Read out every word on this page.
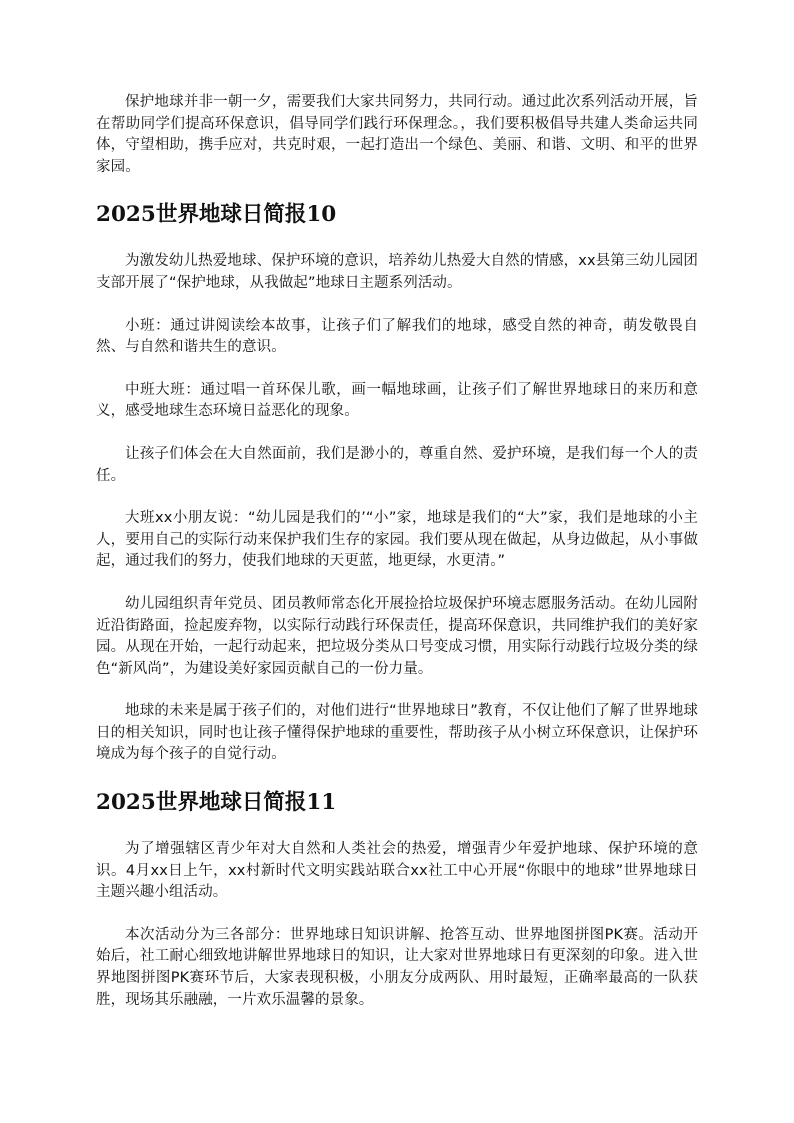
保护地球并非一朝一夕，需要我们大家共同努力，共同行动。通过此次系列活动开展，旨在帮助同学们提高环保意识，倡导同学们践行环保理念。，我们要积极倡导共建人类命运共同体，守望相助，携手应对，共克时艰，一起打造出一个绿色、美丽、和谐、文明、和平的世界家园。

2025世界地球日简报10

为激发幼儿热爱地球、保护环境的意识，培养幼儿热爱大自然的情感，xx县第三幼儿园团支部开展了“保护地球，从我做起”地球日主题系列活动。

小班：通过讲阅读绘本故事，让孩子们了解我们的地球，感受自然的神奇，萌发敬畏自然、与自然和谐共生的意识。

中班大班：通过唱一首环保儿歌，画一幅地球画，让孩子们了解世界地球日的来历和意义，感受地球生态环境日益恶化的现象。

让孩子们体会在大自然面前，我们是渺小的，尊重自然、爱护环境，是我们每一个人的责任。

大班xx小朋友说：“幼儿园是我们的’“小”家，地球是我们的“大”家，我们是地球的小主人，要用自己的实际行动来保护我们生存的家园。我们要从现在做起，从身边做起，从小事做起，通过我们的努力，使我们地球的天更蓝，地更绿，水更清。”

幼儿园组织青年党员、团员教师常态化开展捡拾垃圾保护环境志愿服务活动。在幼儿园附近沿街路面，捡起废弃物，以实际行动践行环保责任，提高环保意识，共同维护我们的美好家园。从现在开始，一起行动起来，把垃圾分类从口号变成习惯，用实际行动践行垃圾分类的绿色“新风尚”，为建设美好家园贡献自己的一份力量。

地球的未来是属于孩子们的，对他们进行“世界地球日”教育，不仅让他们了解了世界地球日的相关知识，同时也让孩子懂得保护地球的重要性，帮助孩子从小树立环保意识，让保护环境成为每个孩子的自觉行动。

2025世界地球日简报11

为了增强辖区青少年对大自然和人类社会的热爱，增强青少年爱护地球、保护环境的意识。4月xx日上午，xx村新时代文明实践站联合xx社工中心开展“你眼中的地球”世界地球日主题兴趣小组活动。

本次活动分为三各部分：世界地球日知识讲解、抢答互动、世界地图拼图PK赛。活动开始后，社工耐心细致地讲解世界地球日的知识，让大家对世界地球日有更深刻的印象。进入世界地图拼图PK赛环节后，大家表现积极，小朋友分成两队、用时最短，正确率最高的一队获胜，现场其乐融融，一片欢乐温馨的景象。
